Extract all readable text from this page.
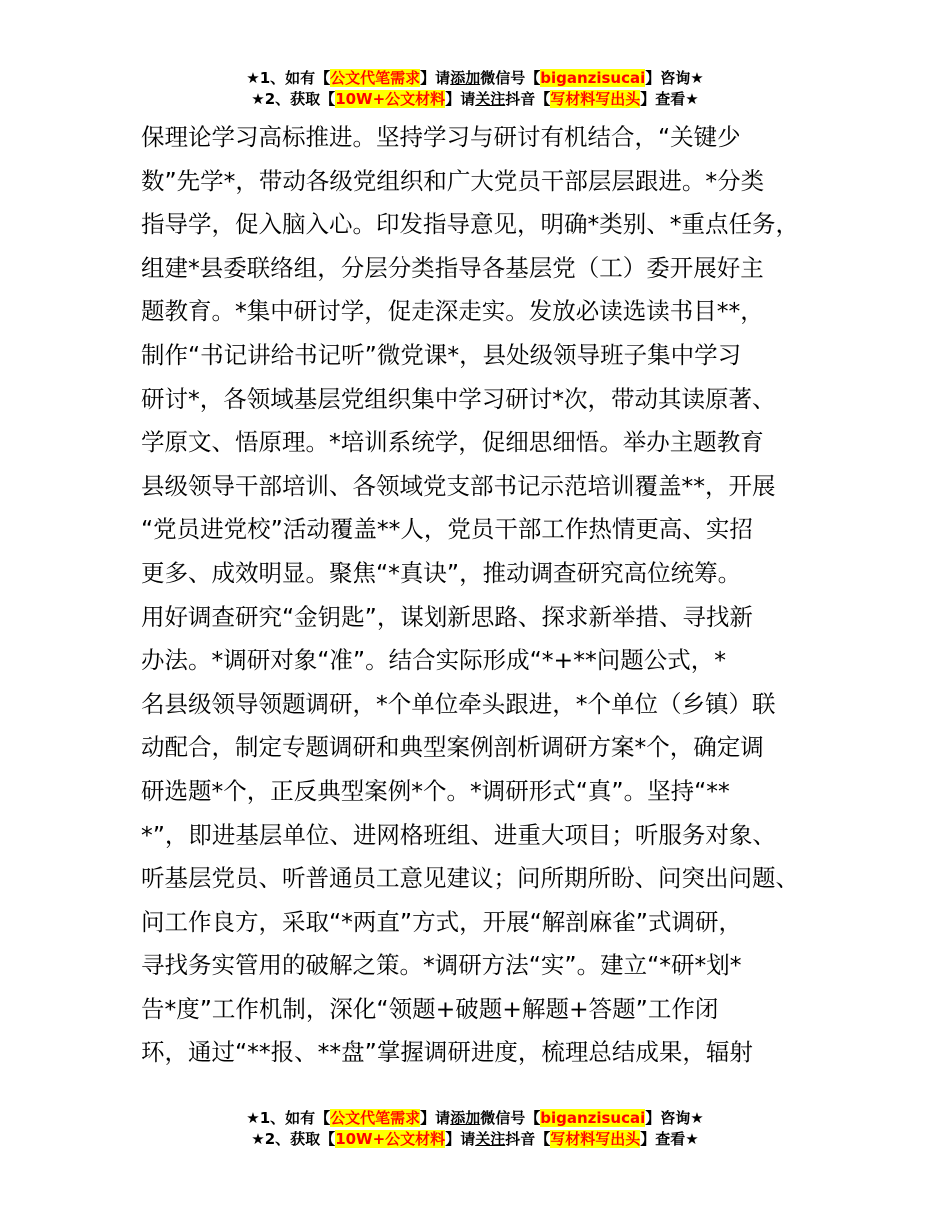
★1、如有【公文代笔需求】请添加微信号【biganzisucai】咨询★
★2、获取【10W+公文材料】请关注抖音【写材料写出头】查看★
保理论学习高标推进。坚持学习与研讨有机结合，“关键少
数”先学*，带动各级党组织和广大党员干部层层跟进。*分类
指导学，促入脑入心。印发指导意见，明确*类别、*重点任务，
组建*县委联络组，分层分类指导各基层党（工）委开展好主
题教育。*集中研讨学，促走深走实。发放必读选读书目**，
制作“书记讲给书记听”微党课*，县处级领导班子集中学习
研讨*，各领域基层党组织集中学习研讨*次，带动其读原著、
学原文、悟原理。*培训系统学，促细思细悟。举办主题教育
县级领导干部培训、各领域党支部书记示范培训覆盖**，开展
“党员进党校”活动覆盖**人，党员干部工作热情更高、实招
更多、成效明显。聚焦“*真诀”，推动调查研究高位统筹。
用好调查研究“金钥匙”，谋划新思路、探求新举措、寻找新
办法。*调研对象“准”。结合实际形成“*+**问题公式，*
名县级领导领题调研，*个单位牵头跟进，*个单位（乡镇）联
动配合，制定专题调研和典型案例剖析调研方案*个，确定调
研选题*个，正反典型案例*个。*调研形式“真”。坚持“**
*”，即进基层单位、进网格班组、进重大项目；听服务对象、
听基层党员、听普通员工意见建议；问所期所盼、问突出问题、
问工作良方，采取“*两直”方式，开展“解剖麻雀”式调研，
寻找务实管用的破解之策。*调研方法“实”。建立“*研*划*
告*度”工作机制，深化“领题+破题+解题+答题”工作闭
环，通过“**报、**盘”掌握调研进度，梳理总结成果，辐射
★1、如有【公文代笔需求】请添加微信号【biganzisucai】咨询★
★2、获取【10W+公文材料】请关注抖音【写材料写出头】查看★
